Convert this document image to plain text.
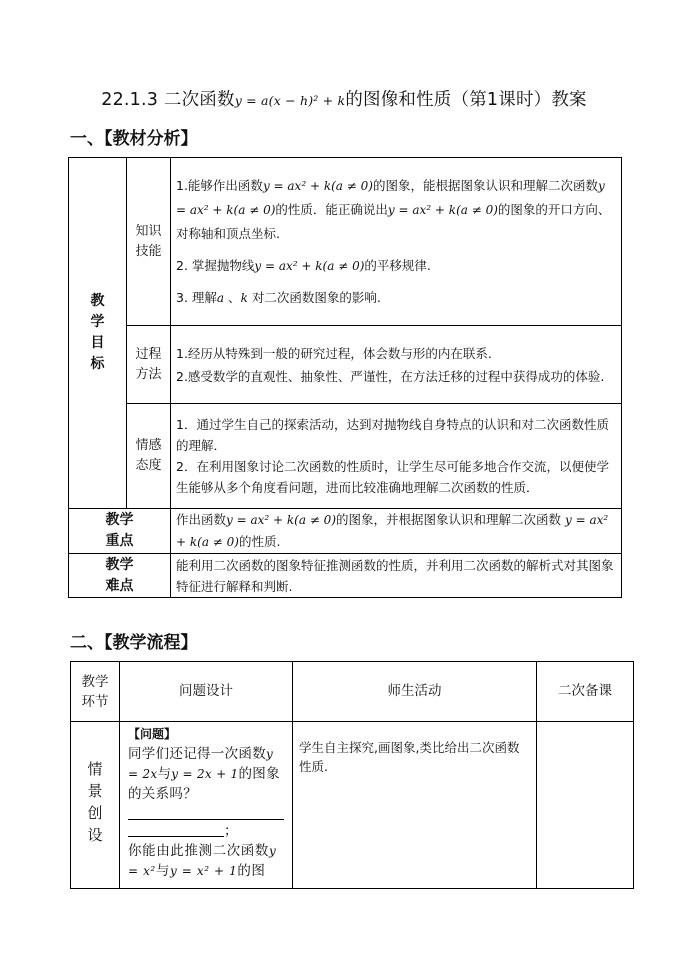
22.1.3 二次函数y = a(x − h)² + k的图像和性质（第1课时）教案
一、【教材分析】
教学目标	知识技能	1.能够作出函数y = ax² + k(a ≠ 0)的图象，能根据图象认识和理解二次函数y = ax² + k(a ≠ 0)的性质．能正确说出y = ax² + k(a ≠ 0)的图象的开口方向、对称轴和顶点坐标.

2. 掌握抛物线y = ax² + k(a ≠ 0)的平移规律.

3. 理解a 、k 对二次函数图象的影响.

	过程方法	1.经历从特殊到一般的研究过程，体会数与形的内在联系.

2.感受数学的直观性、抽象性、严谨性，在方法迁移的过程中获得成功的体验.

	情感态度	1．通过学生自己的探索活动，达到对抛物线自身特点的认识和对二次函数性质的理解．

2．在利用图象讨论二次函数的性质时，让学生尽可能多地合作交流，以便使学生能够从多个角度看问题，进而比较准确地理解二次函数的性质．

教学重点		作出函数y = ax² + k(a ≠ 0)的图象，并根据图象认识和理解二次函数 y = ax² + k(a ≠ 0)的性质.

教学难点		能利用二次函数的图象特征推测函数的性质，并利用二次函数的解析式对其图象特征进行解释和判断.
二、【教学流程】
教学环节	问题设计	师生活动	二次备课

情景创设	【问题】
同学们还记得一次函数y = 2x与y = 2x + 1的图象的关系吗？
；
你能由此推测二次函数y = x²与y = x² + 1的图	学生自主探究,画图象,类比给出二次函数性质.	
